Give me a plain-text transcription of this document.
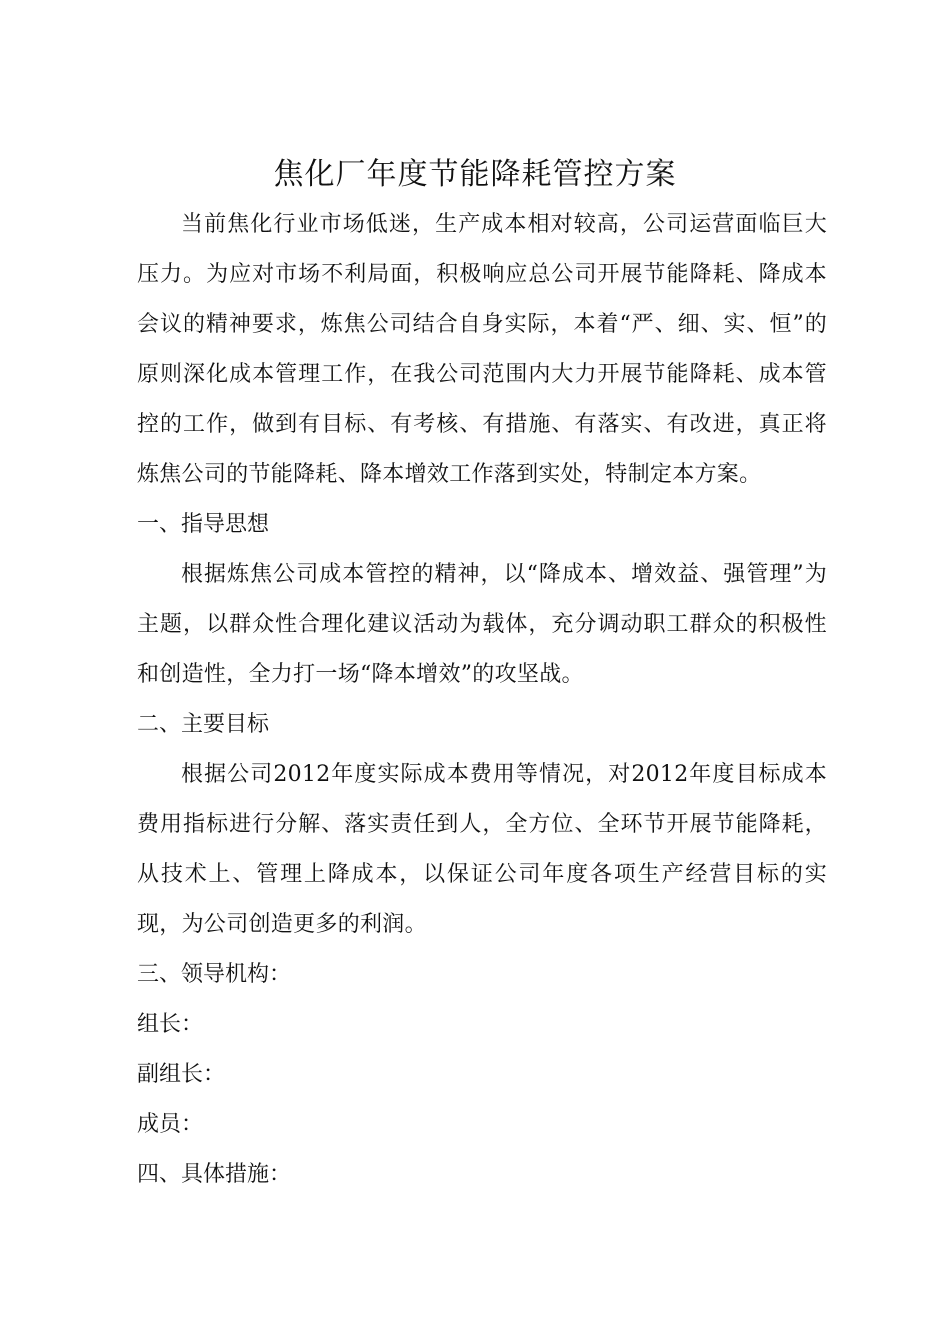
焦化厂年度节能降耗管控方案

当前焦化行业市场低迷，生产成本相对较高，公司运营面临巨大压力。为应对市场不利局面，积极响应总公司开展节能降耗、降成本会议的精神要求，炼焦公司结合自身实际，本着“严、细、实、恒”的原则深化成本管理工作，在我公司范围内大力开展节能降耗、成本管控的工作，做到有目标、有考核、有措施、有落实、有改进，真正将炼焦公司的节能降耗、降本增效工作落到实处，特制定本方案。

一、指导思想

根据炼焦公司成本管控的精神，以“降成本、增效益、强管理”为主题，以群众性合理化建议活动为载体，充分调动职工群众的积极性和创造性，全力打一场“降本增效”的攻坚战。

二、主要目标

根据公司2012年度实际成本费用等情况，对2012年度目标成本费用指标进行分解、落实责任到人，全方位、全环节开展节能降耗，从技术上、管理上降成本，以保证公司年度各项生产经营目标的实现，为公司创造更多的利润。

三、领导机构：

组长：

副组长：

成员：

四、具体措施：
